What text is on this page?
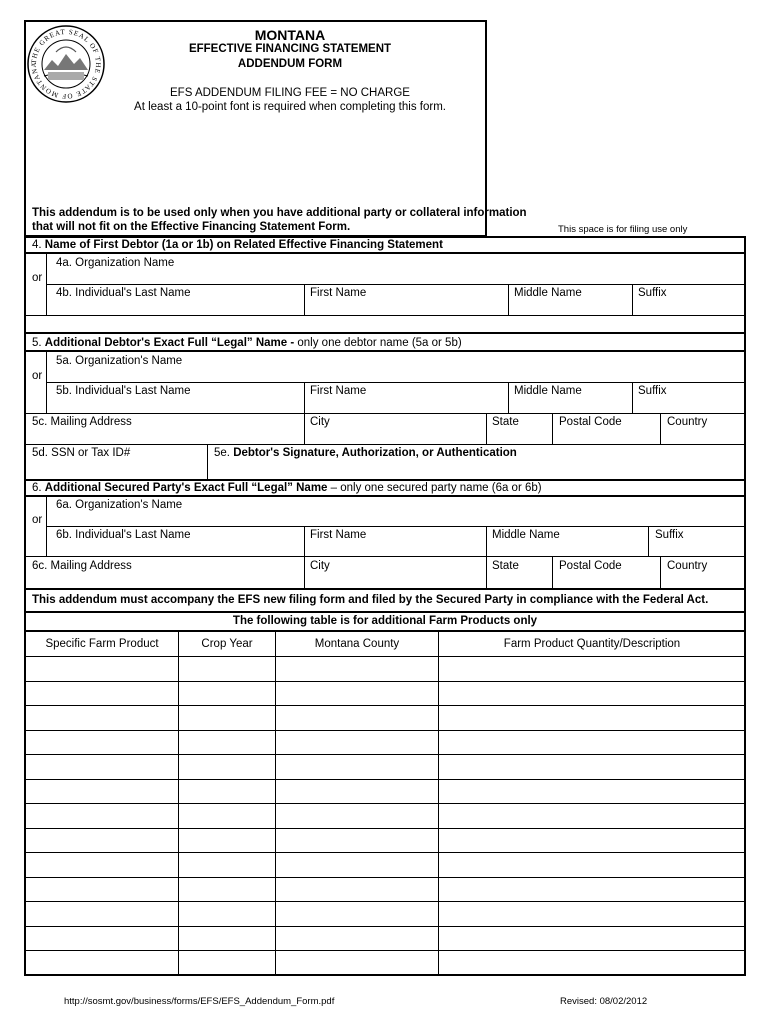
THE GREAT SEAL OF THE STATE OF MONTANA
MONTANA
EFFECTIVE FINANCING STATEMENT
ADDENDUM FORM
EFS ADDENDUM FILING FEE = NO CHARGE
At least a 10-point font is required when completing this form.
This addendum is to be used only when you have additional party or collateral information
that will not fit on the Effective Financing Statement Form.	This space is for filing use only
4. Name of First Debtor (1a or 1b) on Related Effective Financing Statement
or
4a. Organization Name
4b. Individual's Last Name	First Name	Middle Name	Suffix
5. Additional Debtor's Exact Full “Legal” Name - only one debtor name (5a or 5b)
or
5a. Organization's Name
5b. Individual's Last Name	First Name	Middle Name	Suffix
5c. Mailing Address	City	State	Postal Code	Country
5d. SSN or Tax ID#	5e. Debtor's Signature, Authorization, or Authentication
6. Additional Secured Party's Exact Full “Legal” Name – only one secured party name (6a or 6b)
or
6a. Organization's Name
6b. Individual's Last Name	First Name	Middle Name	Suffix
6c. Mailing Address	City	State	Postal Code	Country
This addendum must accompany the EFS new filing form and filed by the Secured Party in compliance with the Federal Act.
The following table is for additional Farm Products only
Specific Farm Product	Crop Year	Montana County	Farm Product Quantity/Description
http://sosmt.gov/business/forms/EFS/EFS_Addendum_Form.pdf	Revised: 08/02/2012
